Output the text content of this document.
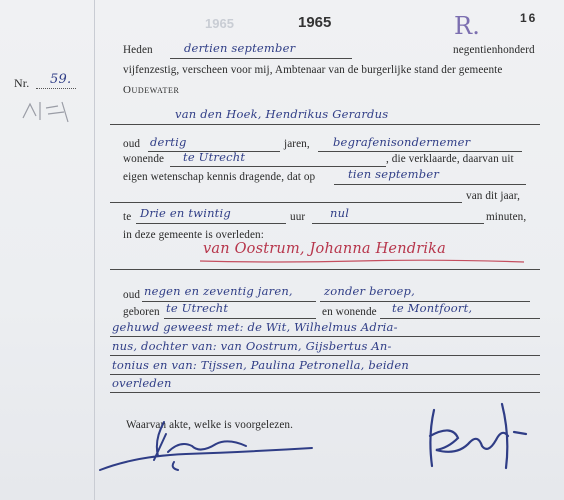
1965	1965	16
R.
Nr. 59.
Heden	dertien september	negentienhonderd
vijfenzestig, verscheen voor mij, Ambtenaar van de burgerlijke stand der gemeente
Oudewater
van den Hoek, Hendrikus Gerardus
oud dertig	jaren, begrafenisondernemer
wonende te Utrecht	, die verklaarde, daarvan uit
eigen wetenschap kennis dragende, dat op	tien september
van dit jaar,
te Drie en twintig	uur nul	minuten,
in deze gemeente is overleden:
van Oostrum, Johanna Hendrika
oud negen en zeventig jaren,	zonder beroep,
geboren te Utrecht	en wonende te Montfoort,
gehuwd geweest met: de Wit, Wilhelmus Adria-
nus, dochter van: van Oostrum, Gijsbertus An-
tonius en van: Tijssen, Paulina Petronella, beiden
overleden
Waarvan akte, welke is voorgelezen.
